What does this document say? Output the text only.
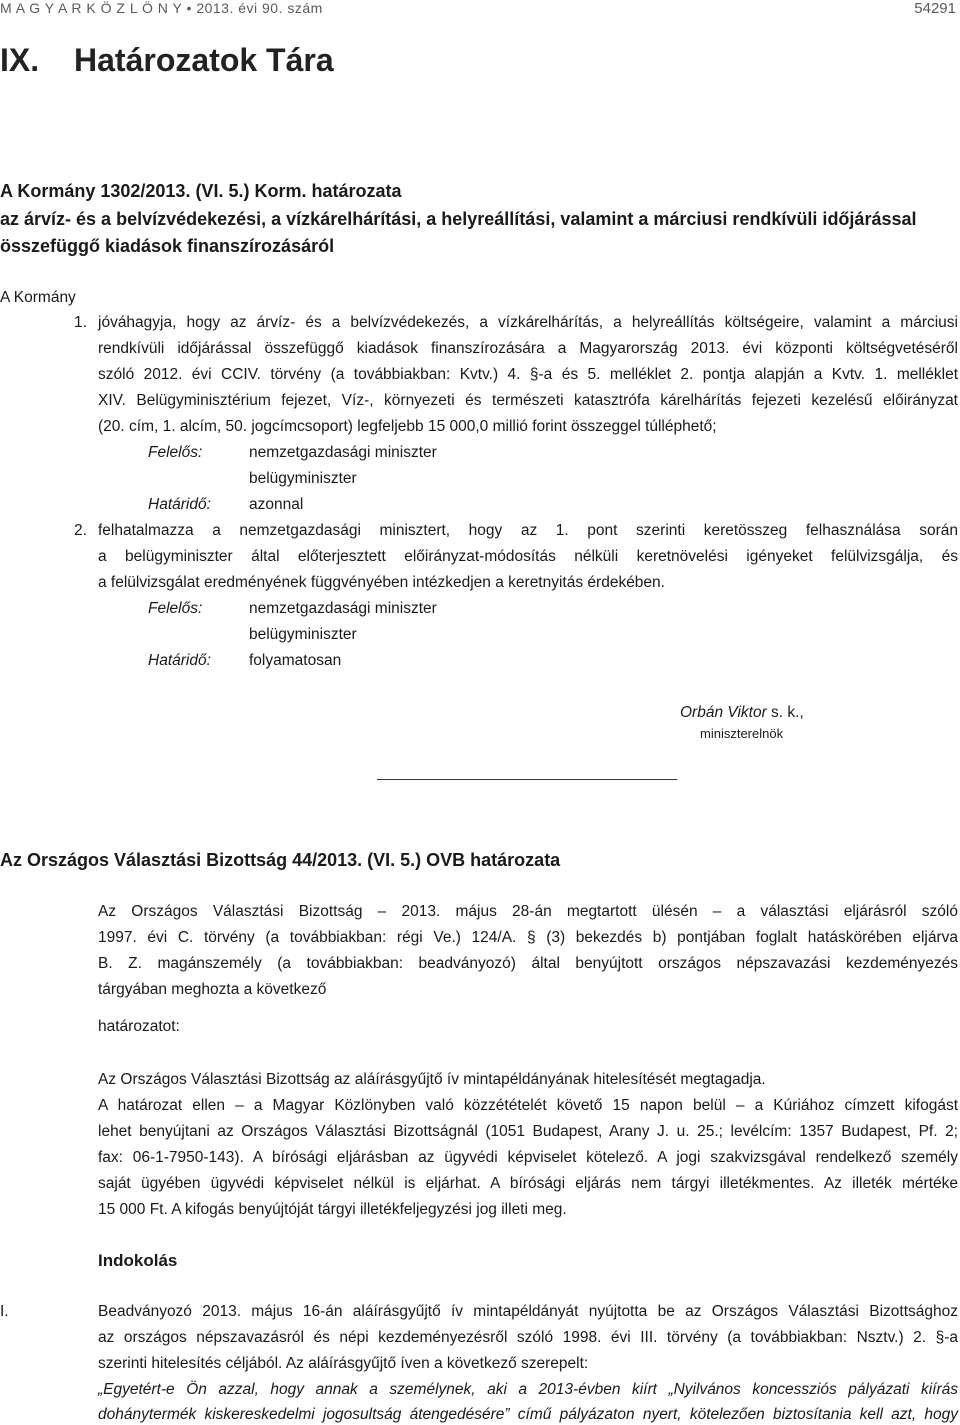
M A G Y A R K Ö Z L Ö N Y • 2013. évi 90. szám	54291
IX. Határozatok Tára
A Kormány 1302/2013. (VI. 5.) Korm. határozata
az árvíz- és a belvízvédekezési, a vízkárelhárítási, a helyreállítási, valamint a márciusi rendkívüli időjárással
összefüggő kiadások finanszírozásáról
A Kormány
1. jóváhagyja, hogy az árvíz- és a belvízvédekezés, a vízkárelhárítás, a helyreállítás költségeire, valamint a márciusi
rendkívüli időjárással összefüggő kiadások finanszírozására a Magyarország 2013. évi központi költségvetéséről
szóló 2012. évi CCIV. törvény (a továbbiakban: Kvtv.) 4. §-a és 5. melléklet 2. pontja alapján a Kvtv. 1. melléklet
XIV. Belügyminisztérium fejezet, Víz-, környezeti és természeti katasztrófa kárelhárítás fejezeti kezelésű előirányzat
(20. cím, 1. alcím, 50. jogcímcsoport) legfeljebb 15 000,0 millió forint összeggel túlléphető;
Felelős:	nemzetgazdasági miniszter
belügyminiszter
Határidő: azonnal
2. felhatalmazza a nemzetgazdasági minisztert, hogy az 1. pont szerinti keretösszeg felhasználása során
a belügyminiszter által előterjesztett előirányzat-módosítás nélküli keretnövelési igényeket felülvizsgálja, és
a felülvizsgálat eredményének függvényében intézkedjen a keretnyitás érdekében.
Felelős:	nemzetgazdasági miniszter
belügyminiszter
Határidő: folyamatosan
Orbán Viktor s. k.,
miniszterelnök
Az Országos Választási Bizottság 44/2013. (VI. 5.) OVB határozata
Az Országos Választási Bizottság – 2013. május 28-án megtartott ülésén – a választási eljárásról szóló
1997. évi C. törvény (a továbbiakban: régi Ve.) 124/A. § (3) bekezdés b) pontjában foglalt hatáskörében eljárva
B. Z. magánszemély (a továbbiakban: beadványozó) által benyújtott országos népszavazási kezdeményezés
tárgyában meghozta a következő
határozatot:
Az Országos Választási Bizottság az aláírásgyűjtő ív mintapéldányának hitelesítését megtagadja.
A határozat ellen – a Magyar Közlönyben való közzétételét követő 15 napon belül – a Kúriához címzett kifogást
lehet benyújtani az Országos Választási Bizottságnál (1051 Budapest, Arany J. u. 25.; levélcím: 1357 Budapest, Pf. 2;
fax: 06-1-7950-143). A bírósági eljárásban az ügyvédi képviselet kötelező. A jogi szakvizsgával rendelkező személy
saját ügyében ügyvédi képviselet nélkül is eljárhat. A bírósági eljárás nem tárgyi illetékmentes. Az illeték mértéke
15 000 Ft. A kifogás benyújtóját tárgyi illetékfeljegyzési jog illeti meg.
Indokolás
I.	Beadványozó 2013. május 16-án aláírásgyűjtő ív mintapéldányát nyújtotta be az Országos Választási Bizottsághoz
az országos népszavazásról és népi kezdeményezésről szóló 1998. évi III. törvény (a továbbiakban: Nsztv.) 2. §-a
szerinti hitelesítés céljából. Az aláírásgyűjtő íven a következő szerepelt:
„Egyetért-e Ön azzal, hogy annak a személynek, aki a 2013-évben kiírt „Nyilvános koncessziós pályázati kiírás
dohánytermék kiskereskedelmi jogosultság átengedésére” című pályázaton nyert, kötelezően biztosítania kell azt, hogy
